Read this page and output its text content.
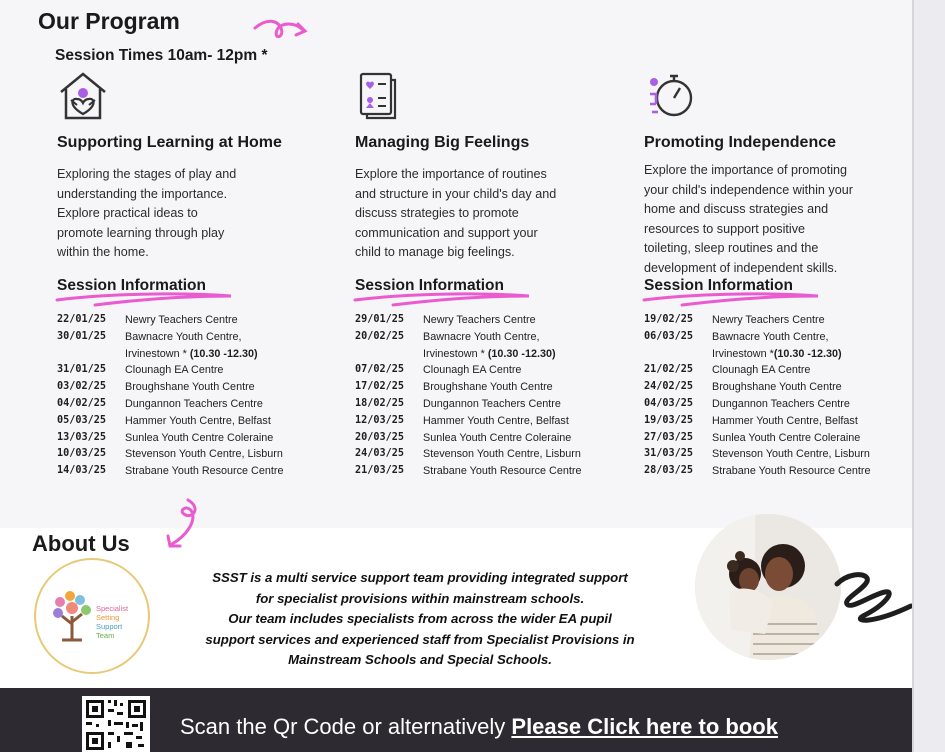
Our Program
Session Times 10am- 12pm *
Supporting Learning at Home
Exploring the stages of play and
understanding the importance.
Explore practical ideas to
promote learning through play
within the home.
Session Information
22/01/25	Newry Teachers Centre
30/01/25	Bawnacre Youth Centre,
Irvinestown * (10.30 -12.30)
31/01/25	Clounagh EA Centre
03/02/25	Broughshane Youth Centre
04/02/25	Dungannon Teachers Centre
05/03/25	Hammer Youth Centre, Belfast
13/03/25	Sunlea Youth Centre Coleraine
10/03/25	Stevenson Youth Centre, Lisburn
14/03/25	Strabane Youth Resource Centre
Managing Big Feelings
Explore the importance of routines
and structure in your child's day and
discuss strategies to promote
communication and support your
child to manage big feelings.
Session Information
29/01/25	Newry Teachers Centre
20/02/25	Bawnacre Youth Centre,
Irvinestown * (10.30 -12.30)
07/02/25	Clounagh EA Centre
17/02/25	Broughshane Youth Centre
18/02/25	Dungannon Teachers Centre
12/03/25	Hammer Youth Centre, Belfast
20/03/25	Sunlea Youth Centre Coleraine
24/03/25	Stevenson Youth Centre, Lisburn
21/03/25	Strabane Youth Resource Centre
Promoting Independence
Explore the importance of promoting
your child's independence within your
home and discuss strategies and
resources to support positive
toileting, sleep routines and the
development of independent skills.
Session Information
19/02/25	Newry Teachers Centre
06/03/25	Bawnacre Youth Centre,
Irvinestown *(10.30 -12.30)
21/02/25	Clounagh EA Centre
24/02/25	Broughshane Youth Centre
04/03/25	Dungannon Teachers Centre
19/03/25	Hammer Youth Centre, Belfast
27/03/25	Sunlea Youth Centre Coleraine
31/03/25	Stevenson Youth Centre, Lisburn
28/03/25	Strabane Youth Resource Centre
About Us
Specialist
Setting
Support
Team
SSST is a multi service support team providing integrated support
for specialist provisions within mainstream schools.
Our team includes specialists from across the wider EA pupil
support services and experienced staff from Specialist Provisions in
Mainstream Schools and Special Schools.
Scan the Qr Code or alternatively Please Click here to book
